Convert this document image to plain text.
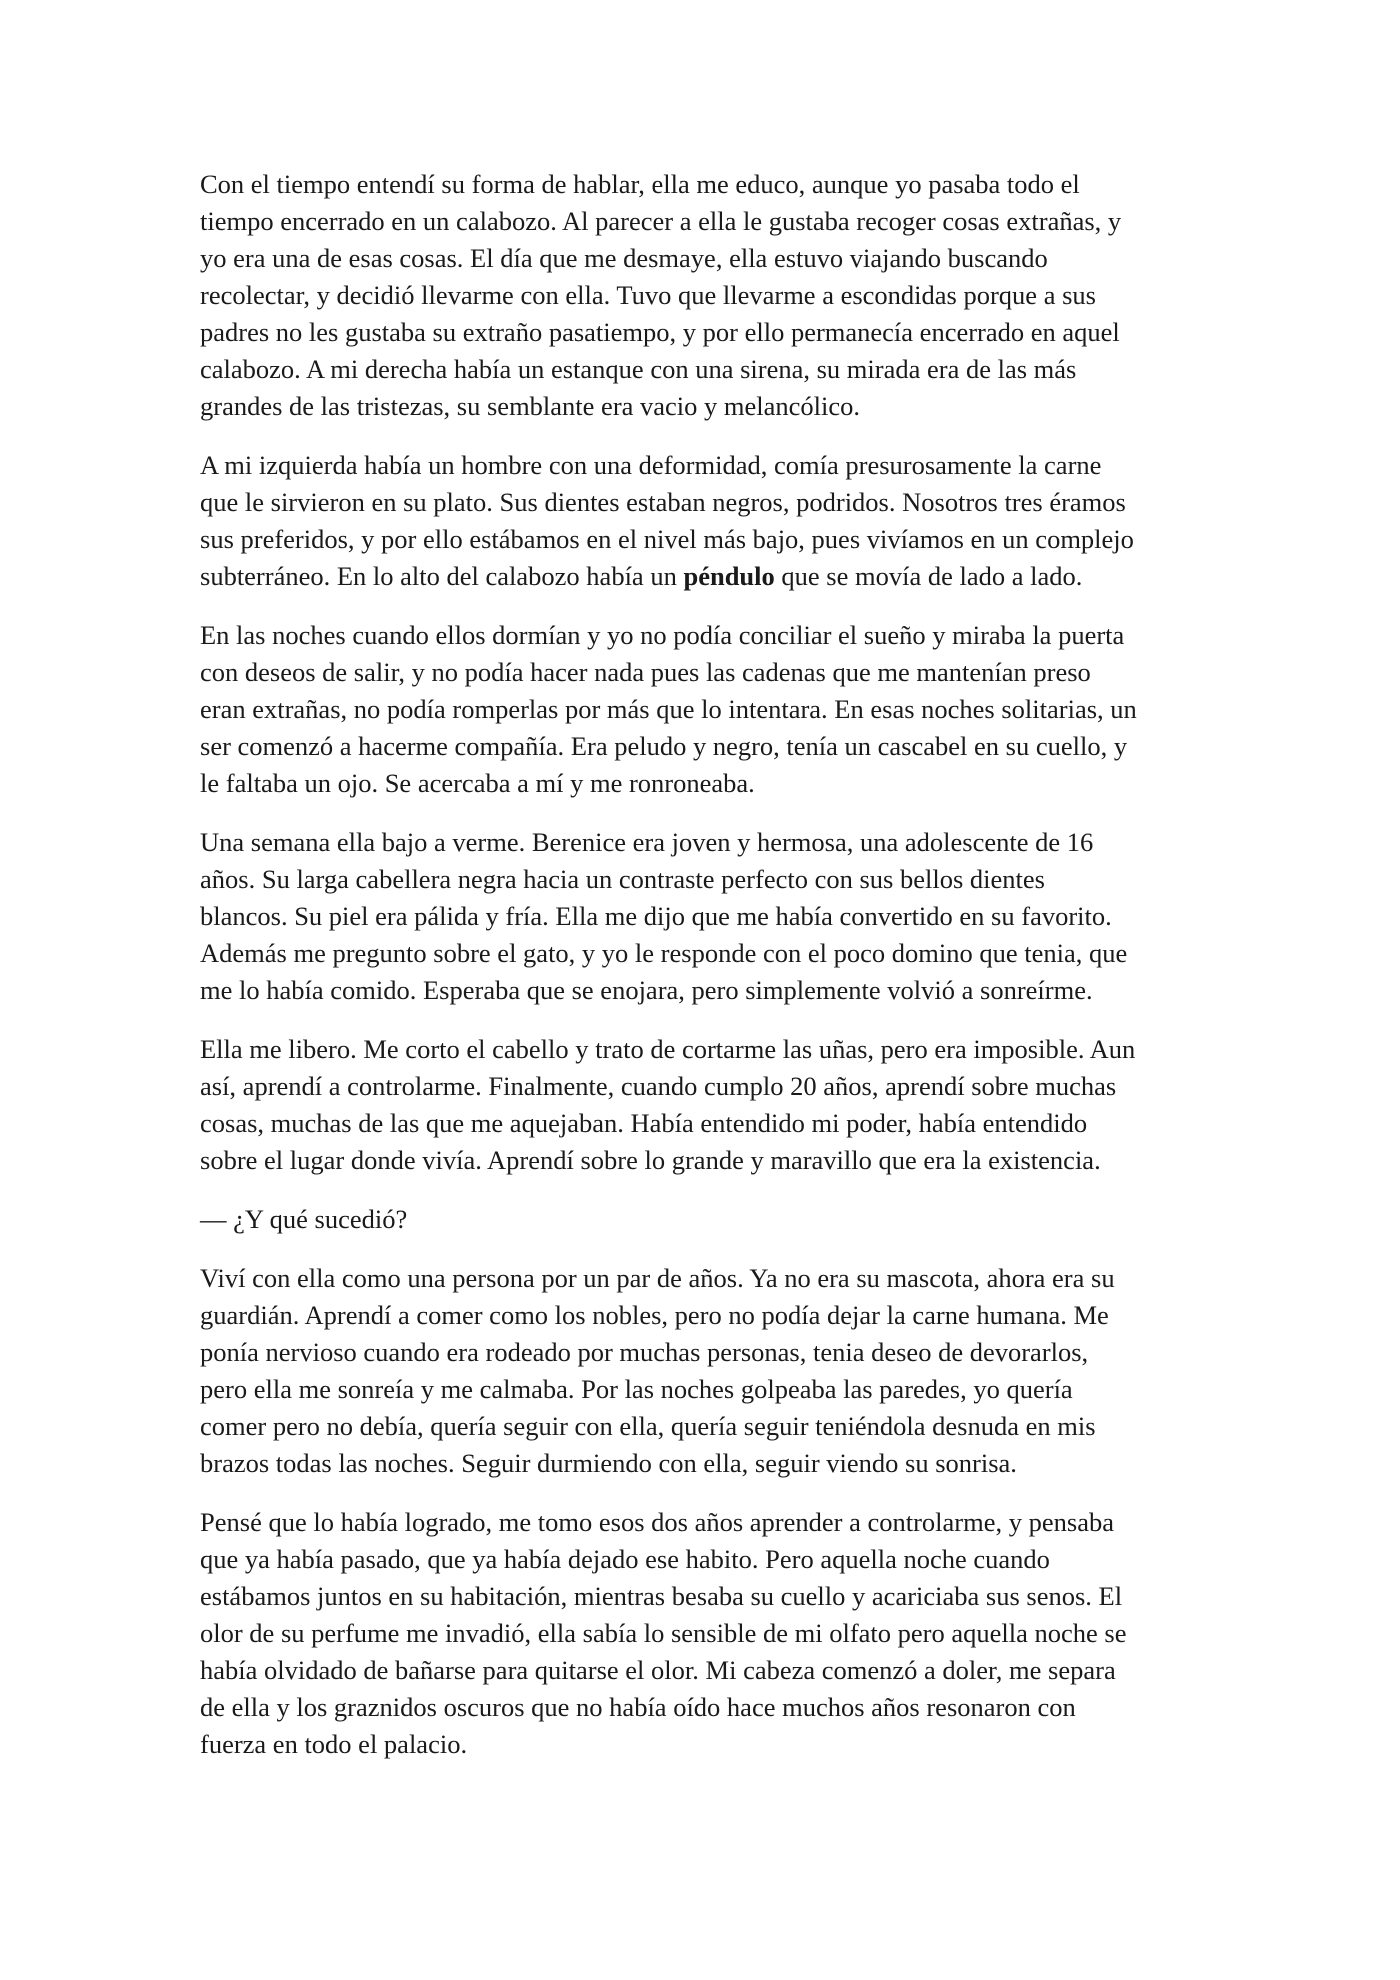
Con el tiempo entendí su forma de hablar, ella me educo, aunque yo pasaba todo el
tiempo encerrado en un calabozo. Al parecer a ella le gustaba recoger cosas extrañas, y
yo era una de esas cosas. El día que me desmaye, ella estuvo viajando buscando
recolectar, y decidió llevarme con ella. Tuvo que llevarme a escondidas porque a sus
padres no les gustaba su extraño pasatiempo, y por ello permanecía encerrado en aquel
calabozo. A mi derecha había un estanque con una sirena, su mirada era de las más
grandes de las tristezas, su semblante era vacio y melancólico.

A mi izquierda había un hombre con una deformidad, comía presurosamente la carne
que le sirvieron en su plato. Sus dientes estaban negros, podridos. Nosotros tres éramos
sus preferidos, y por ello estábamos en el nivel más bajo, pues vivíamos en un complejo
subterráneo. En lo alto del calabozo había un péndulo que se movía de lado a lado.

En las noches cuando ellos dormían y yo no podía conciliar el sueño y miraba la puerta
con deseos de salir, y no podía hacer nada pues las cadenas que me mantenían preso
eran extrañas, no podía romperlas por más que lo intentara. En esas noches solitarias, un
ser comenzó a hacerme compañía. Era peludo y negro, tenía un cascabel en su cuello, y
le faltaba un ojo. Se acercaba a mí y me ronroneaba.

Una semana ella bajo a verme. Berenice era joven y hermosa, una adolescente de 16
años. Su larga cabellera negra hacia un contraste perfecto con sus bellos dientes
blancos. Su piel era pálida y fría. Ella me dijo que me había convertido en su favorito.
Además me pregunto sobre el gato, y yo le responde con el poco domino que tenia, que
me lo había comido. Esperaba que se enojara, pero simplemente volvió a sonreírme.

Ella me libero. Me corto el cabello y trato de cortarme las uñas, pero era imposible. Aun
así, aprendí a controlarme. Finalmente, cuando cumplo 20 años, aprendí sobre muchas
cosas, muchas de las que me aquejaban. Había entendido mi poder, había entendido
sobre el lugar donde vivía. Aprendí sobre lo grande y maravillo que era la existencia.

— ¿Y qué sucedió?

Viví con ella como una persona por un par de años. Ya no era su mascota, ahora era su
guardián. Aprendí a comer como los nobles, pero no podía dejar la carne humana. Me
ponía nervioso cuando era rodeado por muchas personas, tenia deseo de devorarlos,
pero ella me sonreía y me calmaba. Por las noches golpeaba las paredes, yo quería
comer pero no debía, quería seguir con ella, quería seguir teniéndola desnuda en mis
brazos todas las noches. Seguir durmiendo con ella, seguir viendo su sonrisa.

Pensé que lo había logrado, me tomo esos dos años aprender a controlarme, y pensaba
que ya había pasado, que ya había dejado ese habito. Pero aquella noche cuando
estábamos juntos en su habitación, mientras besaba su cuello y acariciaba sus senos. El
olor de su perfume me invadió, ella sabía lo sensible de mi olfato pero aquella noche se
había olvidado de bañarse para quitarse el olor. Mi cabeza comenzó a doler, me separa
de ella y los graznidos oscuros que no había oído hace muchos años resonaron con
fuerza en todo el palacio.
